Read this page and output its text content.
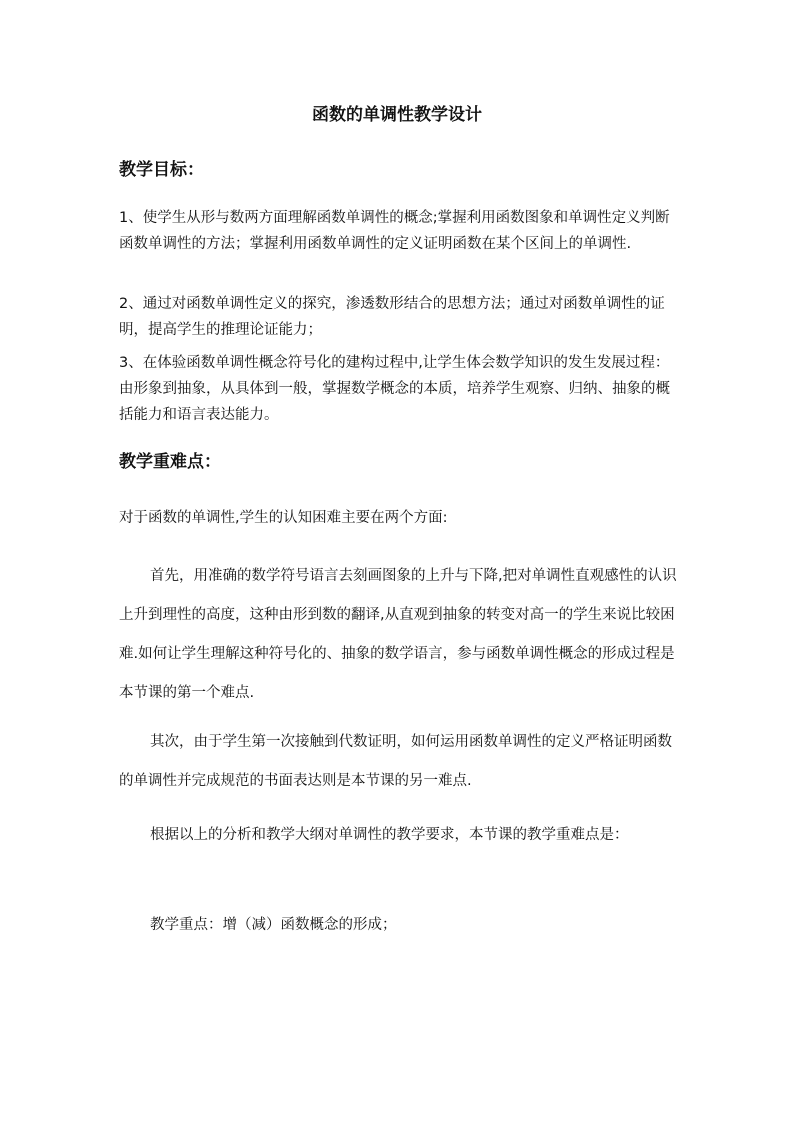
函数的单调性教学设计
教学目标：

1、使学生从形与数两方面理解函数单调性的概念;掌握利用函数图象和单调性定义判断函数单调性的方法；掌握利用函数单调性的定义证明函数在某个区间上的单调性.

2、通过对函数单调性定义的探究，渗透数形结合的思想方法；通过对函数单调性的证明，提高学生的推理论证能力；

3、在体验函数单调性概念符号化的建构过程中,让学生体会数学知识的发生发展过程：由形象到抽象，从具体到一般，掌握数学概念的本质，培养学生观察、归纳、抽象的概括能力和语言表达能力。

教学重难点：

对于函数的单调性,学生的认知困难主要在两个方面:

首先，用准确的数学符号语言去刻画图象的上升与下降,把对单调性直观感性的认识上升到理性的高度，这种由形到数的翻译,从直观到抽象的转变对高一的学生来说比较困难.如何让学生理解这种符号化的、抽象的数学语言，参与函数单调性概念的形成过程是本节课的第一个难点.

其次，由于学生第一次接触到代数证明，如何运用函数单调性的定义严格证明函数的单调性并完成规范的书面表达则是本节课的另一难点.

根据以上的分析和教学大纲对单调性的教学要求，本节课的教学重难点是：

教学重点：增（减）函数概念的形成；
